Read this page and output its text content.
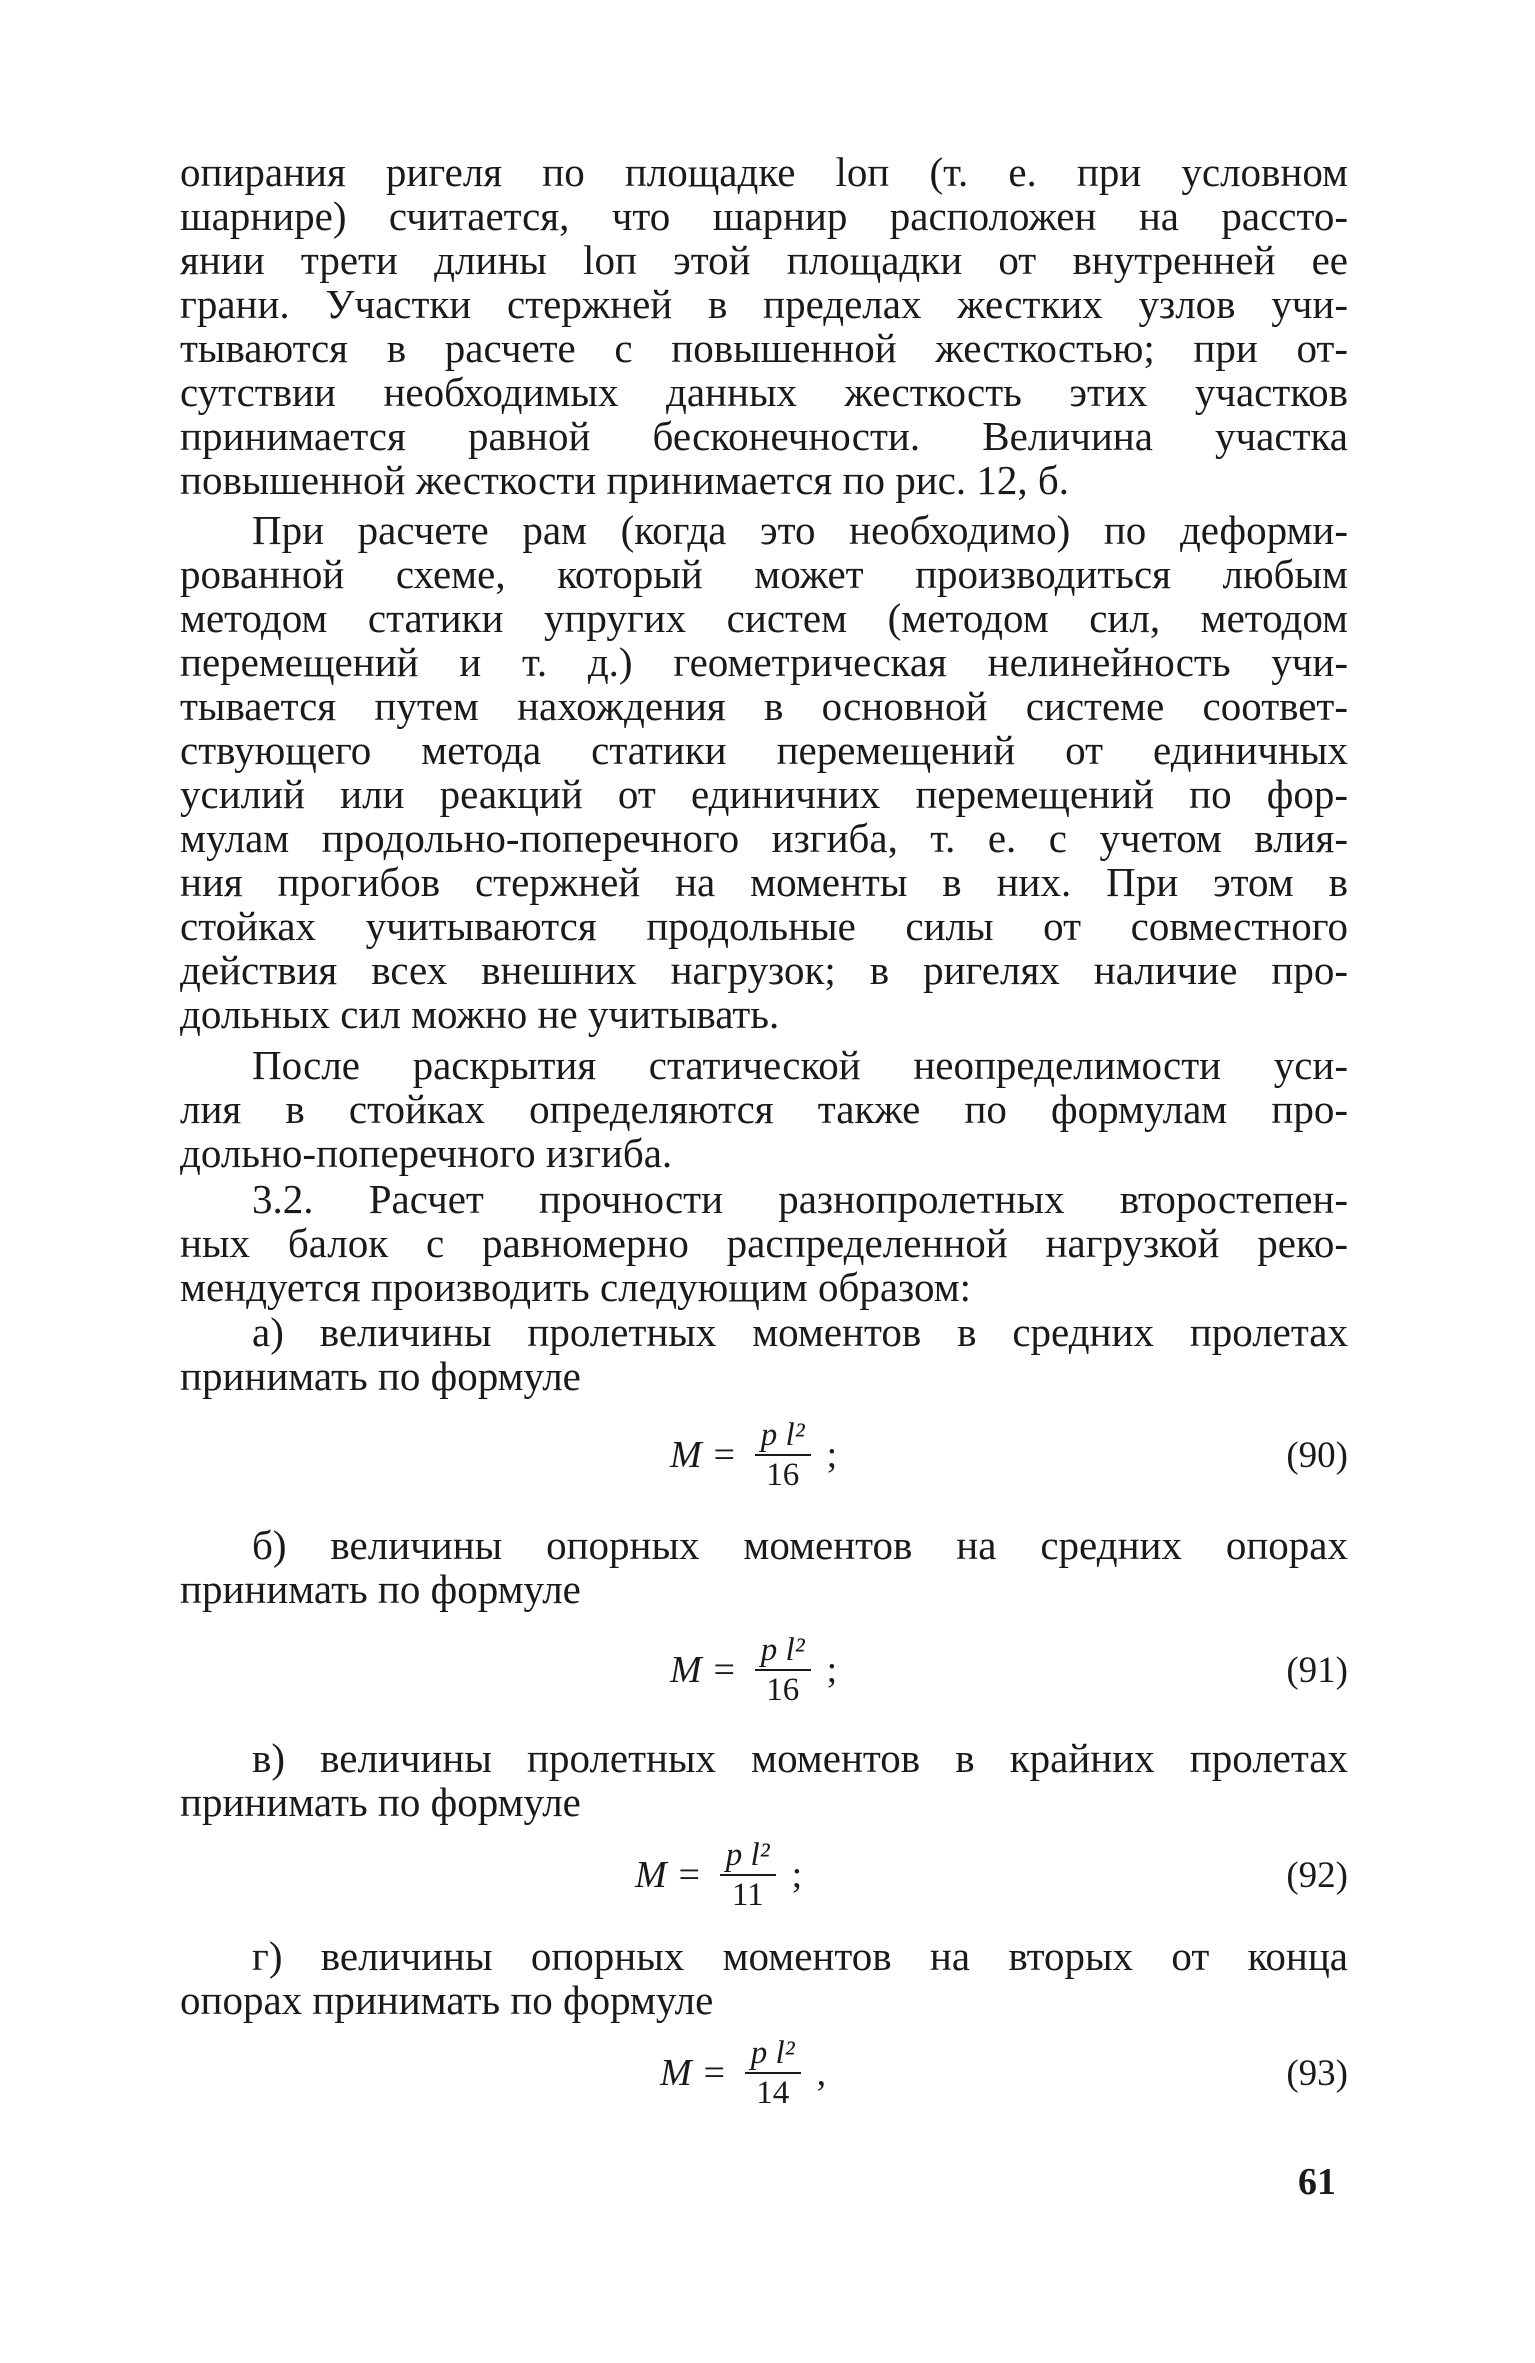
опирания ригеля по площадке lоп (т. е. при условном
шарнире) считается, что шарнир расположен на рассто-
янии трети длины lоп этой площадки от внутренней ее
грани. Участки стержней в пределах жестких узлов учи-
тываются в расчете с повышенной жесткостью; при от-
сутствии необходимых данных жесткость этих участков
принимается равной бесконечности. Величина участка
повышенной жесткости принимается по рис. 12, б.
При расчете рам (когда это необходимо) по деформи-
рованной схеме, который может производиться любым
методом статики упругих систем (методом сил, методом
перемещений и т. д.) геометрическая нелинейность учи-
тывается путем нахождения в основной системе соответ-
ствующего метода статики перемещений от единичных
усилий или реакций от единичних перемещений по фор-
мулам продольно-поперечного изгиба, т. е. с учетом влия-
ния прогибов стержней на моменты в них. При этом в
стойках учитываются продольные силы от совместного
действия всех внешних нагрузок; в ригелях наличие про-
дольных сил можно не учитывать.
После раскрытия статической неопределимости уси-
лия в стойках определяются также по формулам про-
дольно-поперечного изгиба.
3.2. Расчет прочности разнопролетных второстепен-
ных балок с равномерно распределенной нагрузкой реко-
мендуется производить следующим образом:
а) величины пролетных моментов в средних пролетах
принимать по формуле
$M = \frac{\text{p l²}}{16}$ ;	(90)
б) величины опорных моментов на средних опорах
принимать по формуле
$M = \frac{\text{p l²}}{16}$ ;	(91)
в) величины пролетных моментов в крайних пролетах
принимать по формуле
$M = \frac{\text{p l²}}{11}$ ;	(92)
г) величины опорных моментов на вторых от конца
опорах принимать по формуле
$M = \frac{\text{p l²}}{14}$ ,	(93)
61
